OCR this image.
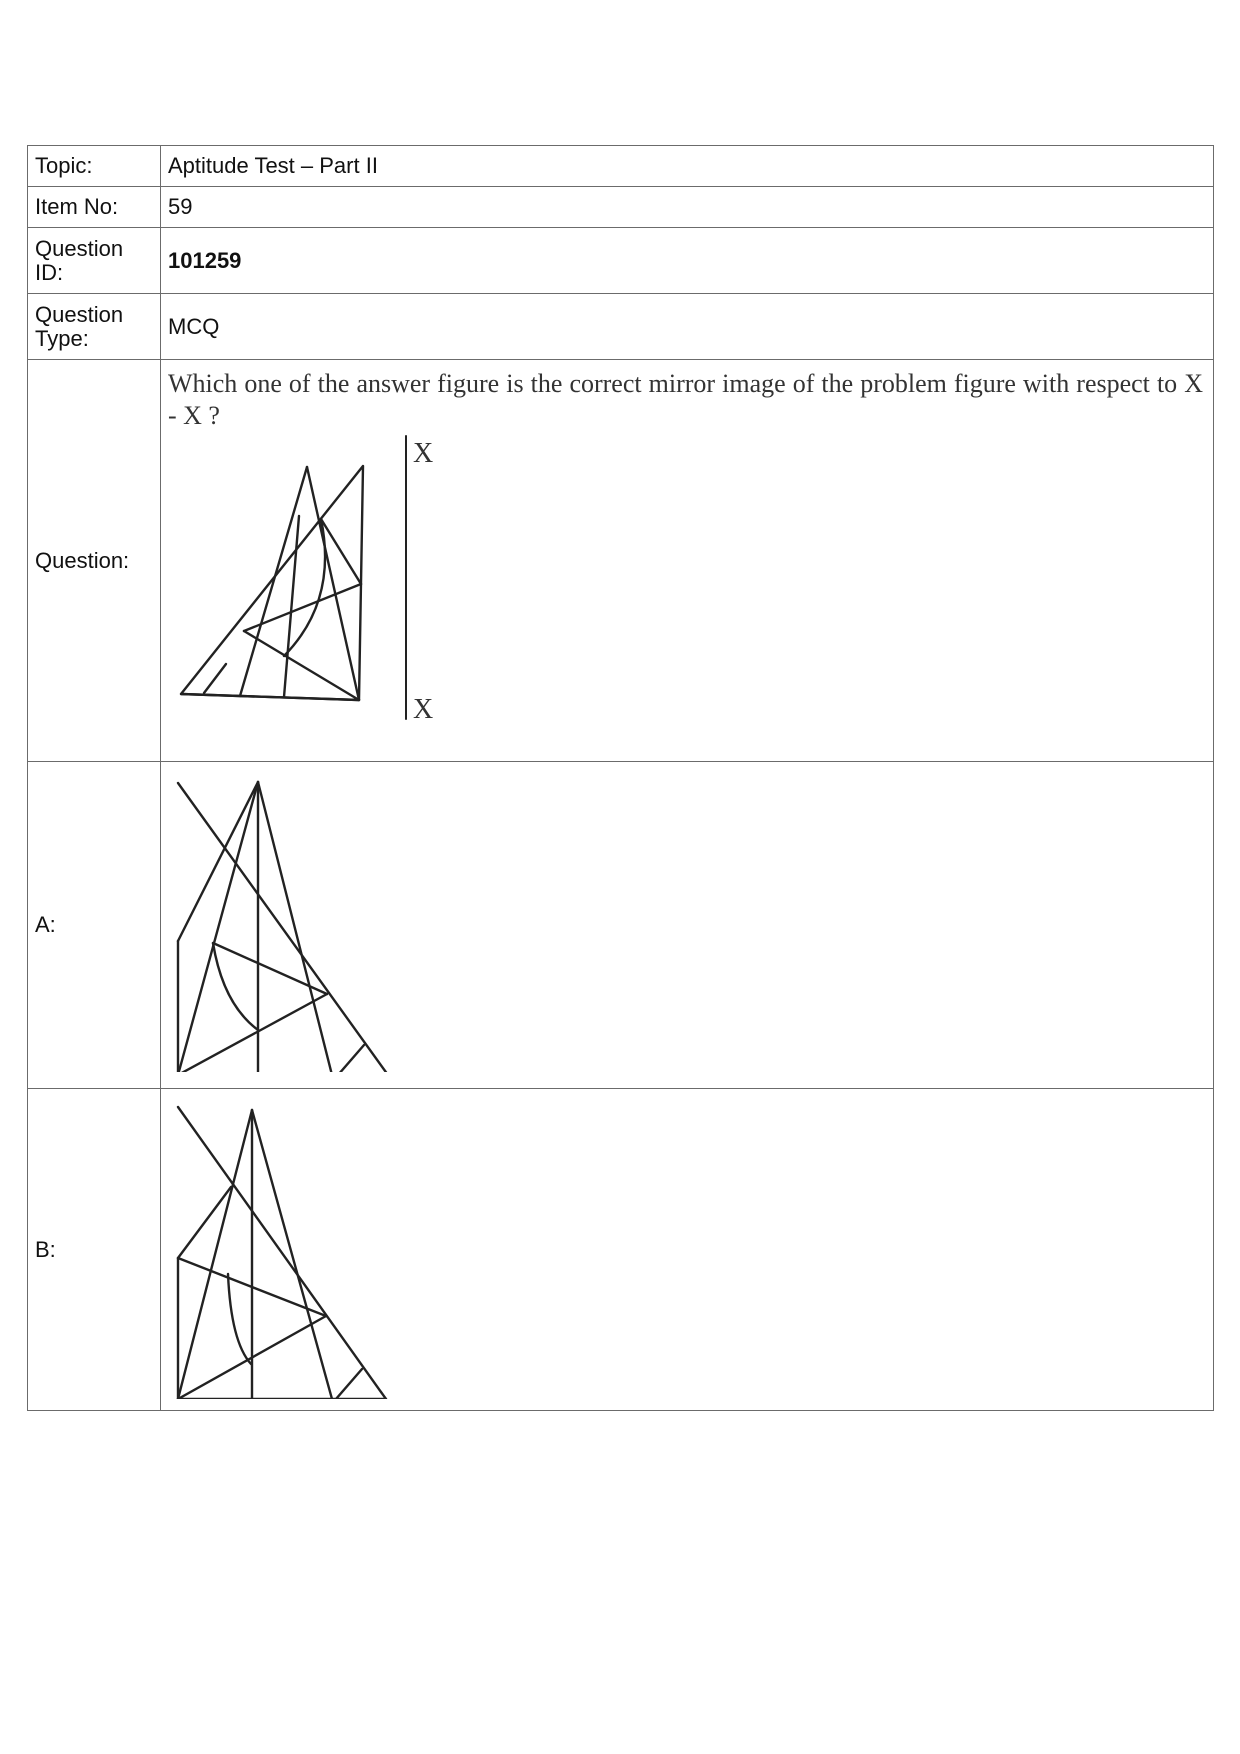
Topic:	Aptitude Test – Part II
Item No:	59
Question ID:	101259
Question Type:	MCQ
Question:	Which one of the answer figure is the correct mirror image of the problem figure with respect to X - X ?
X
X

A:	

B:	
